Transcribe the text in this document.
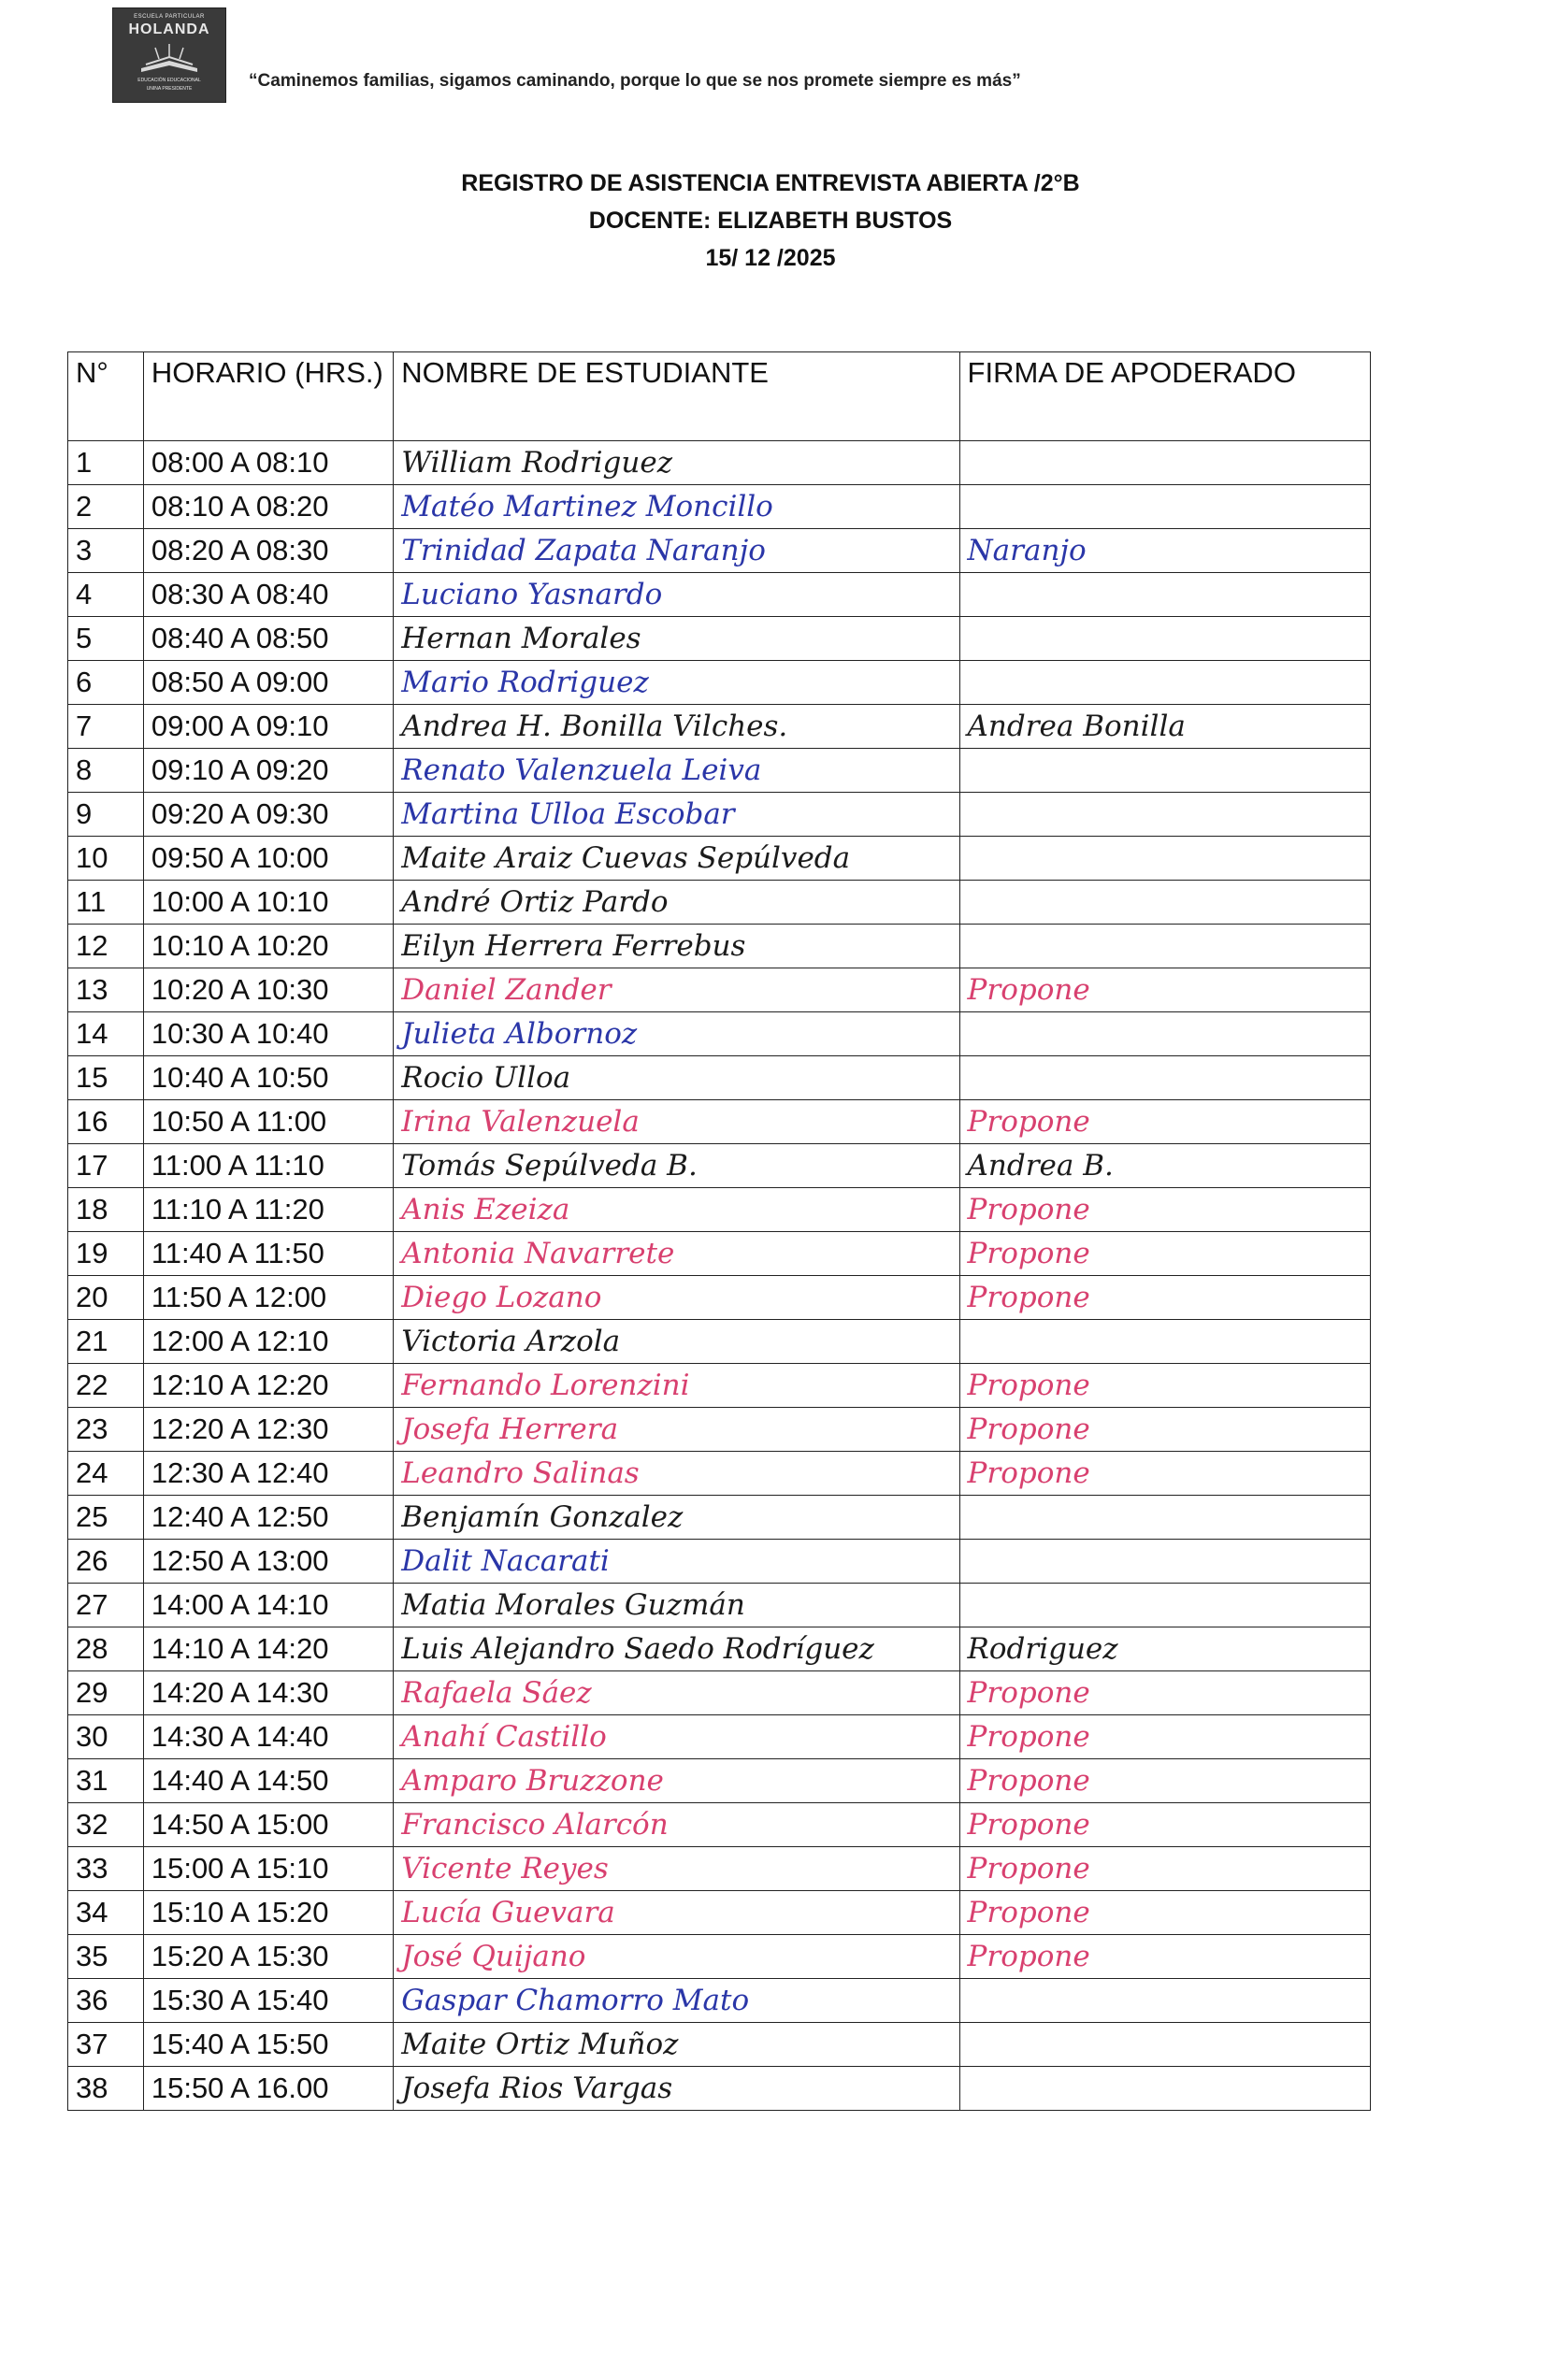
ESCUELA PARTICULAR
HOLANDA
EDUCACIÓN EDUCACIONAL
UNINA PRESIDENTE	“Caminemos familias, sigamos caminando, porque lo que se nos promete siempre es más”
REGISTRO DE ASISTENCIA ENTREVISTA ABIERTA /2°B
DOCENTE: ELIZABETH BUSTOS
15/ 12 /2025
N°	HORARIO (HRS.)	NOMBRE DE ESTUDIANTE	FIRMA DE APODERADO
1	08:00 A 08:10	William Rodriguez	
2	08:10 A 08:20	Matéo Martinez Moncillo	
3	08:20 A 08:30	Trinidad Zapata Naranjo	Naranjo
4	08:30 A 08:40	Luciano Yasnardo	
5	08:40 A 08:50	Hernan Morales	
6	08:50 A 09:00	Mario Rodriguez	
7	09:00 A 09:10	Andrea H. Bonilla Vilches.	Andrea Bonilla
8	09:10 A 09:20	Renato Valenzuela Leiva	
9	09:20 A 09:30	Martina Ulloa Escobar	
10	09:50 A 10:00	Maite Araiz Cuevas Sepúlveda	
11	10:00 A 10:10	André Ortiz Pardo	
12	10:10 A 10:20	Eilyn Herrera Ferrebus	
13	10:20 A 10:30	Daniel Zander	Propone
14	10:30 A 10:40	Julieta Albornoz	
15	10:40 A 10:50	Rocio Ulloa	
16	10:50 A 11:00	Irina Valenzuela	Propone
17	11:00 A 11:10	Tomás Sepúlveda B.	Andrea B.
18	11:10 A 11:20	Anis Ezeiza	Propone
19	11:40 A 11:50	Antonia Navarrete	Propone
20	11:50 A 12:00	Diego Lozano	Propone
21	12:00 A 12:10	Victoria Arzola	
22	12:10 A 12:20	Fernando Lorenzini	Propone
23	12:20 A 12:30	Josefa Herrera	Propone
24	12:30 A 12:40	Leandro Salinas	Propone
25	12:40 A 12:50	Benjamín Gonzalez	
26	12:50 A 13:00	Dalit Nacarati	
27	14:00 A 14:10	Matia Morales Guzmán	
28	14:10 A 14:20	Luis Alejandro Saedo Rodríguez	Rodriguez
29	14:20 A 14:30	Rafaela Sáez	Propone
30	14:30 A 14:40	Anahí Castillo	Propone
31	14:40 A 14:50	Amparo Bruzzone	Propone
32	14:50 A 15:00	Francisco Alarcón	Propone
33	15:00 A 15:10	Vicente Reyes	Propone
34	15:10 A 15:20	Lucía Guevara	Propone
35	15:20 A 15:30	José Quijano	Propone
36	15:30 A 15:40	Gaspar Chamorro Mato	
37	15:40 A 15:50	Maite Ortiz Muñoz	
38	15:50 A 16.00	Josefa Rios Vargas	
